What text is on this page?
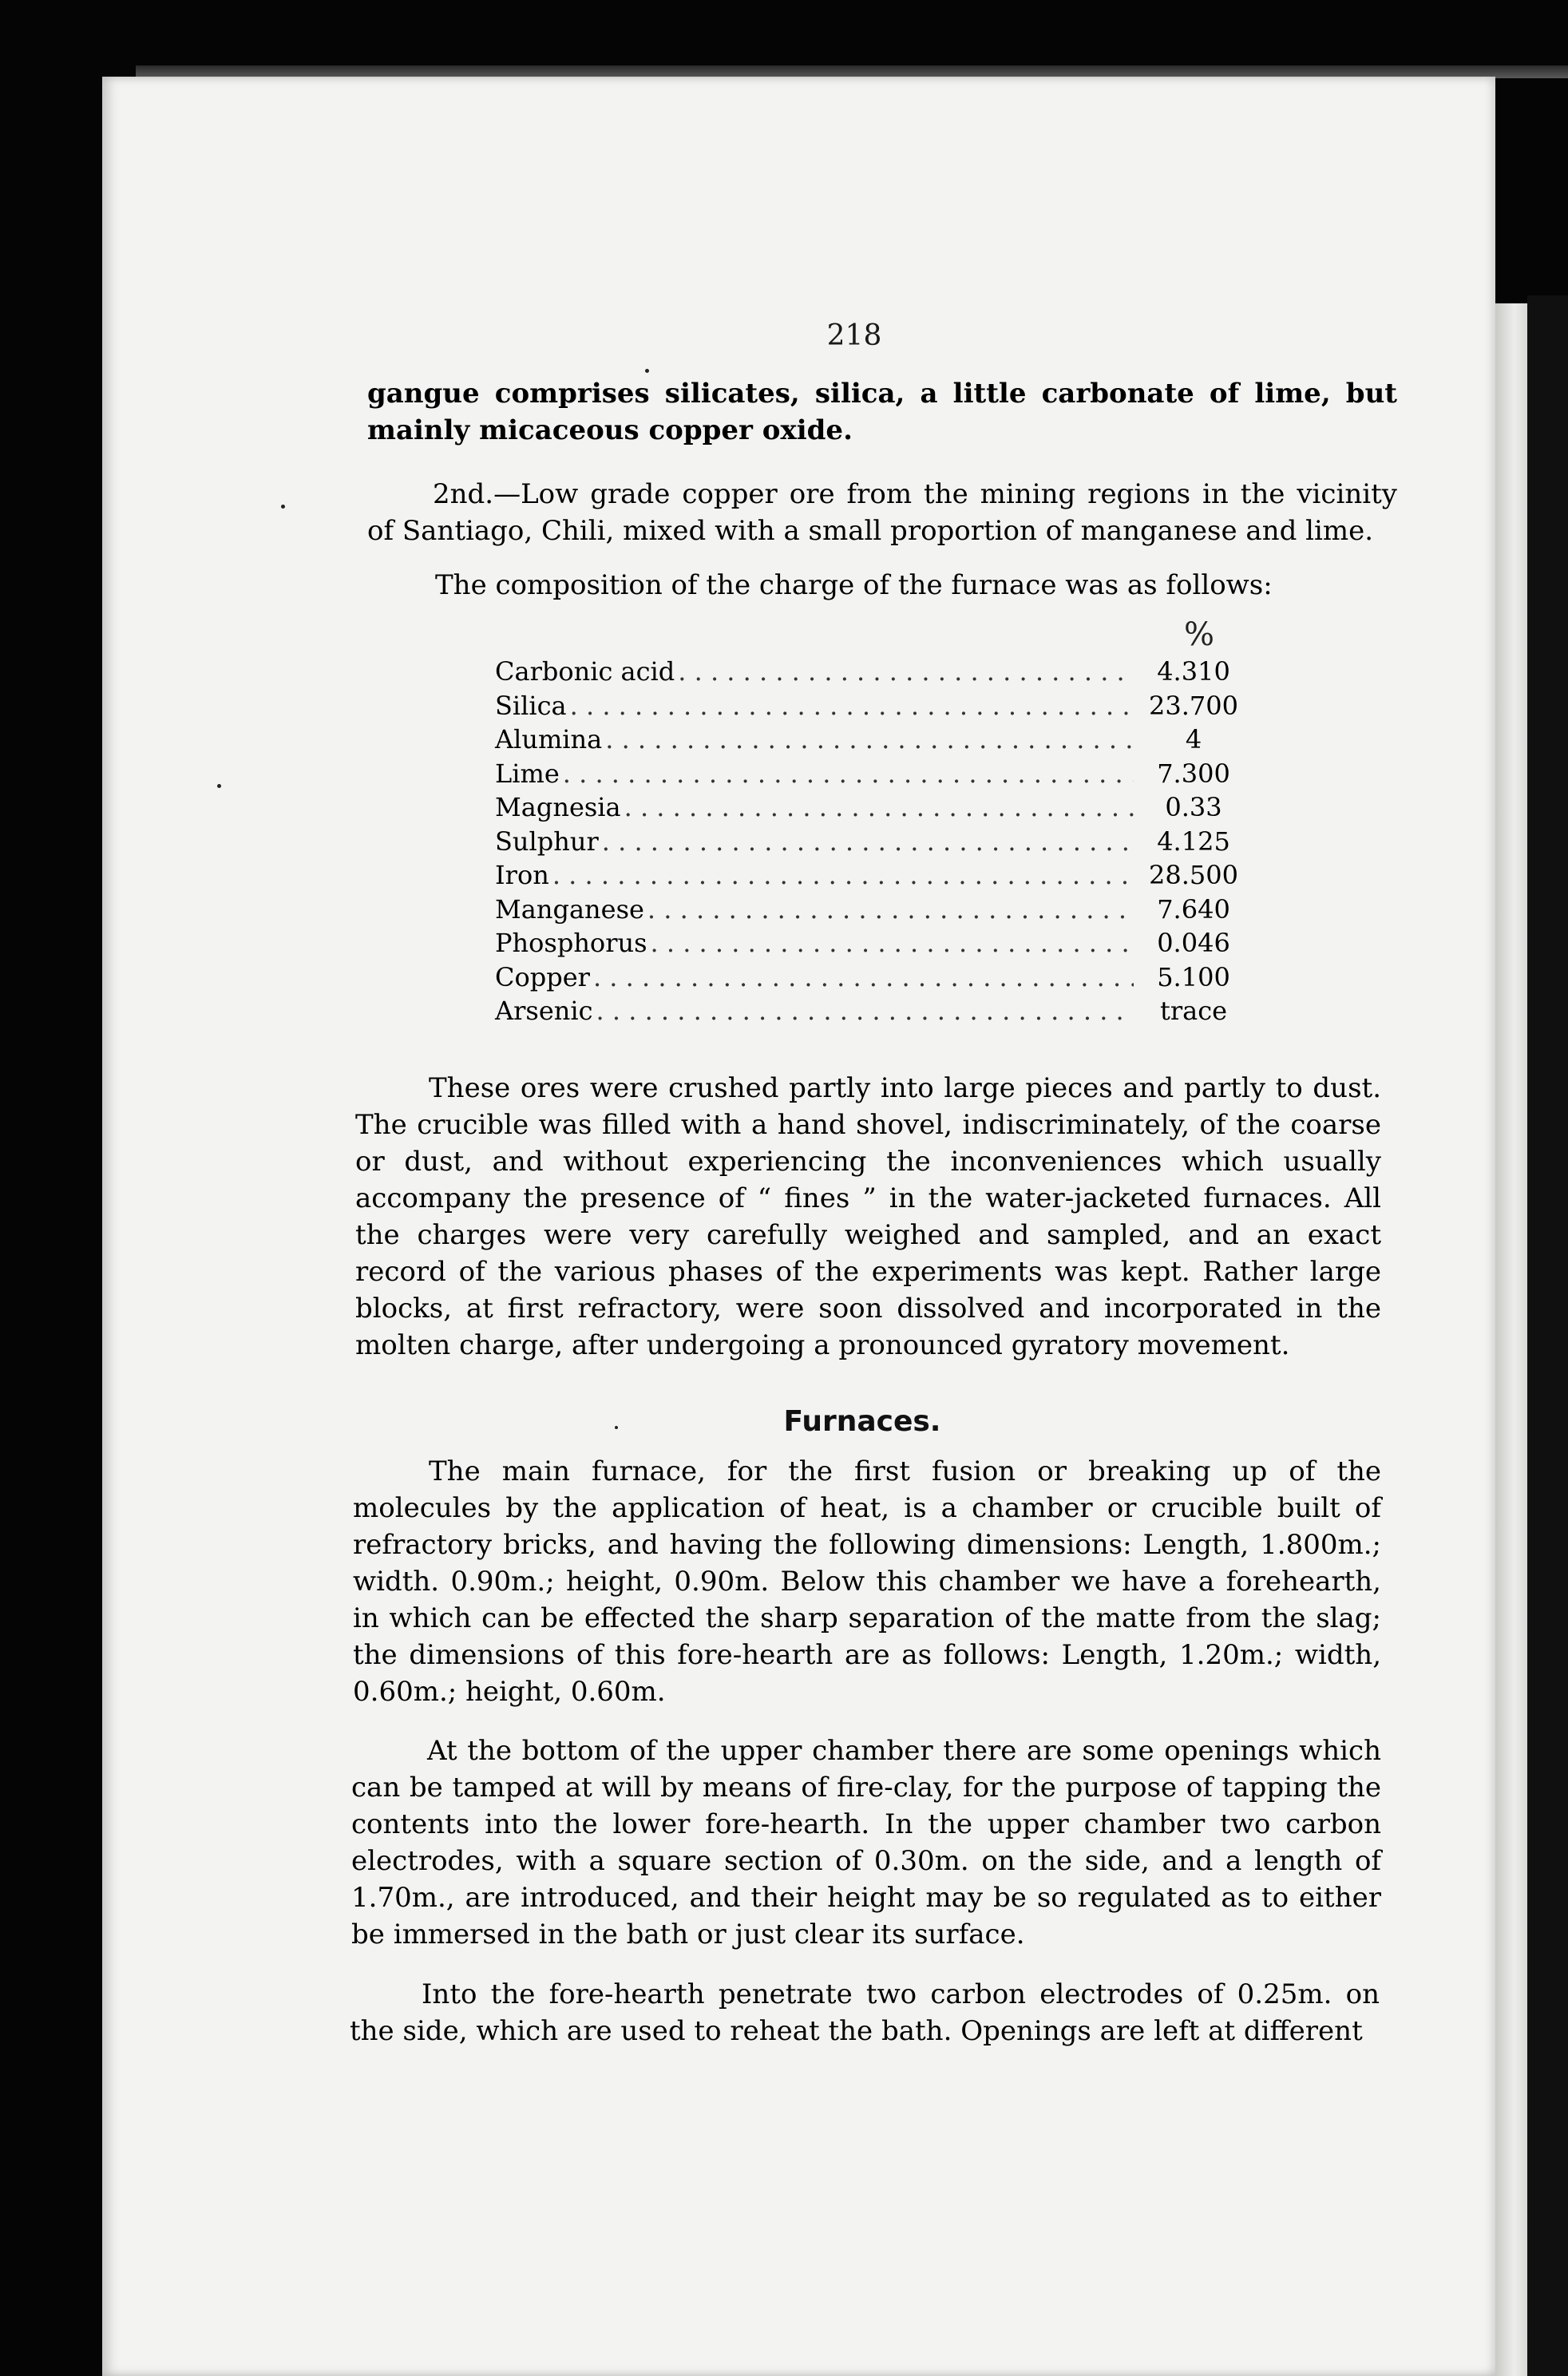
218

gangue comprises silicates, silica, a little carbonate of lime, but mainly micaceous copper oxide.

2nd.—Low grade copper ore from the mining regions in the vicinity of Santiago, Chili, mixed with a small proportion of manganese and lime.

The composition of the charge of the furnace was as follows:

%
Carbonic acid . . .	4.310
Silica . . .	23.700
Alumina . . .	4
Lime . . .	7.300
Magnesia . . .	0.33
Sulphur . . .	4.125
Iron . . .	28.500
Manganese . . .	7.640
Phosphorus . . .	0.046
Copper . . .	5.100
Arsenic . . .	trace

These ores were crushed partly into large pieces and partly to dust. The crucible was filled with a hand shovel, indiscriminately, of the coarse or dust, and without experiencing the inconveniences which usually accompany the presence of “ fines ” in the water-jacketed furnaces. All the charges were very carefully weighed and sampled, and an exact record of the various phases of the experiments was kept. Rather large blocks, at first refractory, were soon dissolved and incorporated in the molten charge, after undergoing a pronounced gyratory movement.

Furnaces.

The main furnace, for the first fusion or breaking up of the molecules by the application of heat, is a chamber or crucible built of refractory bricks, and having the following dimensions: Length, 1.800m.; width. 0.90m.; height, 0.90m. Below this chamber we have a forehearth, in which can be effected the sharp separation of the matte from the slag; the dimensions of this fore-hearth are as follows: Length, 1.20m.; width, 0.60m.; height, 0.60m.

At the bottom of the upper chamber there are some openings which can be tamped at will by means of fire-clay, for the purpose of tapping the contents into the lower fore-hearth. In the upper chamber two carbon electrodes, with a square section of 0.30m. on the side, and a length of 1.70m., are introduced, and their height may be so regulated as to either be immersed in the bath or just clear its surface.

Into the fore-hearth penetrate two carbon electrodes of 0.25m. on the side, which are used to reheat the bath. Openings are left at different
